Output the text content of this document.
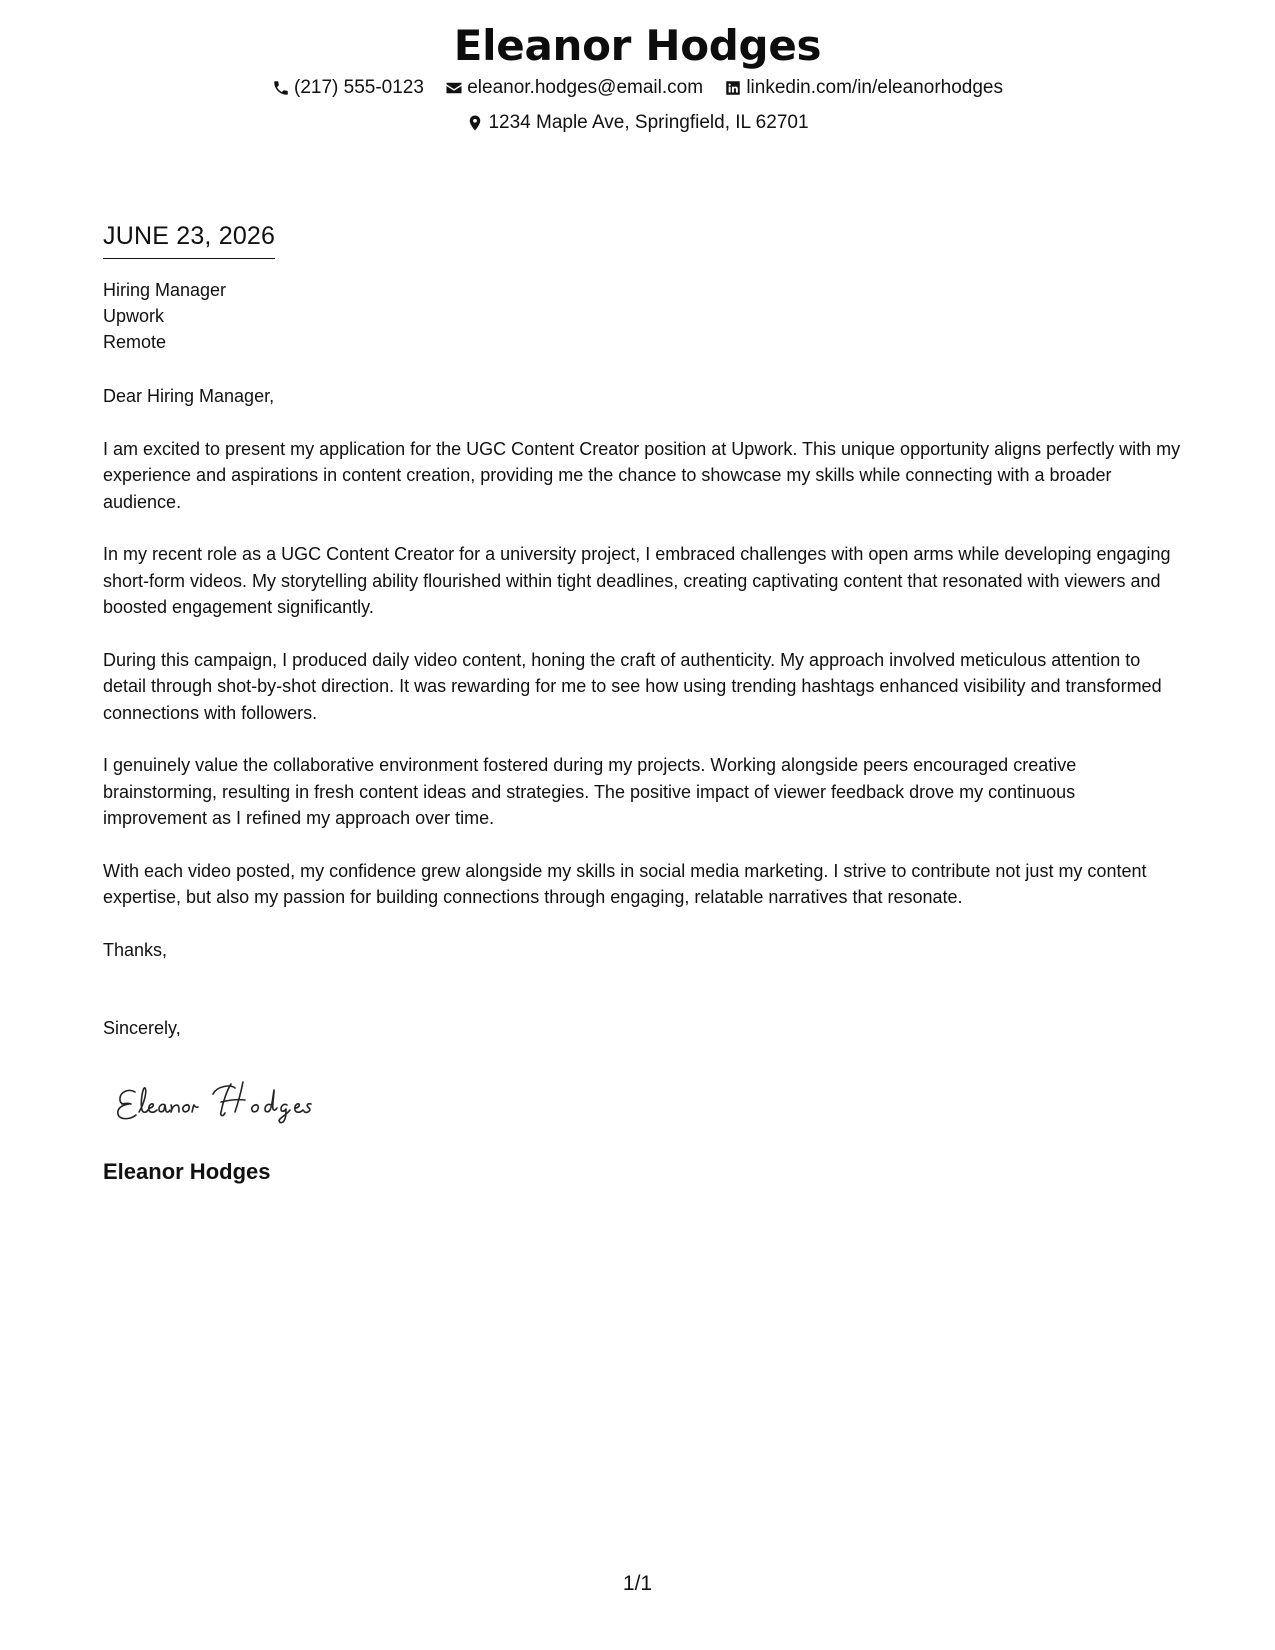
Eleanor Hodges
(217) 555-0123
eleanor.hodges@email.com
linkedin.com/in/eleanorhodges
1234 Maple Ave, Springfield, IL 62701
JUNE 23, 2026
Hiring Manager
Upwork
Remote
Dear Hiring Manager,

I am excited to present my application for the UGC Content Creator position at Upwork. This unique opportunity aligns perfectly with my experience and aspirations in content creation, providing me the chance to showcase my skills while connecting with a broader audience.

In my recent role as a UGC Content Creator for a university project, I embraced challenges with open arms while developing engaging short-form videos. My storytelling ability flourished within tight deadlines, creating captivating content that resonated with viewers and boosted engagement significantly.

During this campaign, I produced daily video content, honing the craft of authenticity. My approach involved meticulous attention to detail through shot-by-shot direction. It was rewarding for me to see how using trending hashtags enhanced visibility and transformed connections with followers.

I genuinely value the collaborative environment fostered during my projects. Working alongside peers encouraged creative brainstorming, resulting in fresh content ideas and strategies. The positive impact of viewer feedback drove my continuous improvement as I refined my approach over time.

With each video posted, my confidence grew alongside my skills in social media marketing. I strive to contribute not just my content expertise, but also my passion for building connections through engaging, relatable narratives that resonate.

Thanks,
Sincerely,
Eleanor Hodges
1/1
